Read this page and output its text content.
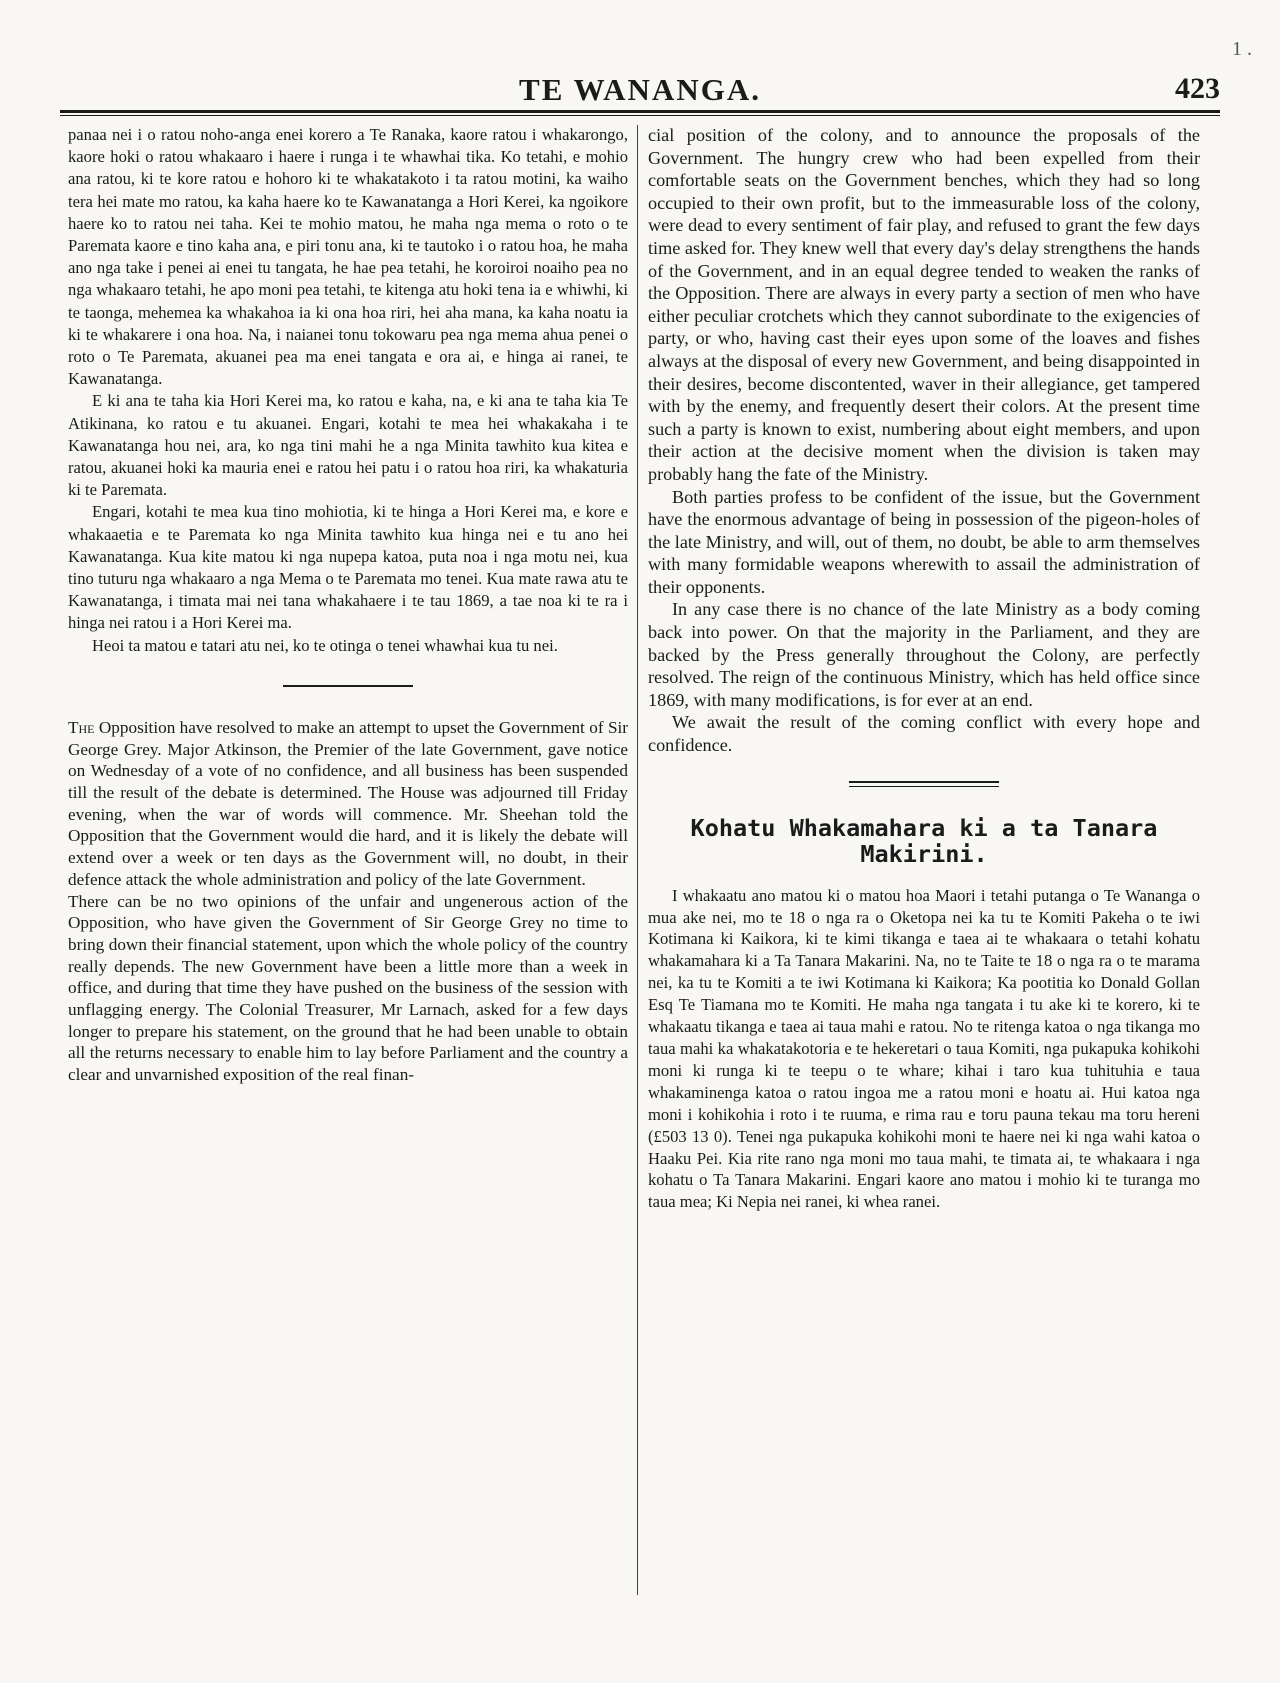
TE WANANGA.	423
1 .

panaa nei i o ratou noho-anga enei korero a Te Ranaka, kaore ratou i whakarongo, kaore hoki o ratou whakaaro i haere i runga i te whawhai tika. Ko tetahi, e mohio ana ratou, ki te kore ratou e hohoro ki te whakatakoto i ta ratou motini, ka waiho tera hei mate mo ratou, ka kaha haere ko te Kawanatanga a Hori Kerei, ka ngoikore haere ko to ratou nei taha. Kei te mohio matou, he maha nga mema o roto o te Paremata kaore e tino kaha ana, e piri tonu ana, ki te tautoko i o ratou hoa, he maha ano nga take i penei ai enei tu tangata, he hae pea tetahi, he koroiroi noaiho pea no nga whakaaro tetahi, he apo moni pea tetahi, te kitenga atu hoki tena ia e whiwhi, ki te taonga, mehemea ka whakahoa ia ki ona hoa riri, hei aha mana, ka kaha noatu ia ki te whakarere i ona hoa. Na, i naianei tonu tokowaru pea nga mema ahua penei o roto o Te Paremata, akuanei pea ma enei tangata e ora ai, e hinga ai ranei, te Kawanatanga.

E ki ana te taha kia Hori Kerei ma, ko ratou e kaha, na, e ki ana te taha kia Te Atikinana, ko ratou e tu akuanei. Engari, kotahi te mea hei whakakaha i te Kawanatanga hou nei, ara, ko nga tini mahi he a nga Minita tawhito kua kitea e ratou, akuanei hoki ka mauria enei e ratou hei patu i o ratou hoa riri, ka whakaturia ki te Paremata.

Engari, kotahi te mea kua tino mohiotia, ki te hinga a Hori Kerei ma, e kore e whakaaetia e te Paremata ko nga Minita tawhito kua hinga nei e tu ano hei Kawanatanga. Kua kite matou ki nga nupepa katoa, puta noa i nga motu nei, kua tino tuturu nga whakaaro a nga Mema o te Paremata mo tenei. Kua mate rawa atu te Kawanatanga, i timata mai nei tana whakahaere i te tau 1869, a tae noa ki te ra i hinga nei ratou i a Hori Kerei ma.

Heoi ta matou e tatari atu nei, ko te otinga o tenei whawhai kua tu nei.

The Opposition have resolved to make an attempt to upset the Government of Sir George Grey. Major Atkinson, the Premier of the late Government, gave notice on Wednesday of a vote of no confidence, and all business has been suspended till the result of the debate is determined. The House was adjourned till Friday evening, when the war of words will commence. Mr. Sheehan told the Opposition that the Government would die hard, and it is likely the debate will extend over a week or ten days as the Government will, no doubt, in their defence attack the whole administration and policy of the late Government.

There can be no two opinions of the unfair and ungenerous action of the Opposition, who have given the Government of Sir George Grey no time to bring down their financial statement, upon which the whole policy of the country really depends. The new Government have been a little more than a week in office, and during that time they have pushed on the business of the session with unflagging energy. The Colonial Treasurer, Mr Larnach, asked for a few days longer to prepare his statement, on the ground that he had been unable to obtain all the returns necessary to enable him to lay before Parliament and the country a clear and unvarnished exposition of the real finan-

cial position of the colony, and to announce the proposals of the Government. The hungry crew who had been expelled from their comfortable seats on the Government benches, which they had so long occupied to their own profit, but to the immeasurable loss of the colony, were dead to every sentiment of fair play, and refused to grant the few days time asked for. They knew well that every day's delay strengthens the hands of the Government, and in an equal degree tended to weaken the ranks of the Opposition. There are always in every party a section of men who have either peculiar crotchets which they cannot subordinate to the exigencies of party, or who, having cast their eyes upon some of the loaves and fishes always at the disposal of every new Government, and being disappointed in their desires, become discontented, waver in their allegiance, get tampered with by the enemy, and frequently desert their colors. At the present time such a party is known to exist, numbering about eight members, and upon their action at the decisive moment when the division is taken may probably hang the fate of the Ministry.

Both parties profess to be confident of the issue, but the Government have the enormous advantage of being in possession of the pigeon-holes of the late Ministry, and will, out of them, no doubt, be able to arm themselves with many formidable weapons wherewith to assail the administration of their opponents.

In any case there is no chance of the late Ministry as a body coming back into power. On that the majority in the Parliament, and they are backed by the Press generally throughout the Colony, are perfectly resolved. The reign of the continuous Ministry, which has held office since 1869, with many modifications, is for ever at an end.

We await the result of the coming conflict with every hope and confidence.

Kohatu Whakamahara ki a ta Tanara Makirini.

I whakaatu ano matou ki o matou hoa Maori i tetahi putanga o Te Wananga o mua ake nei, mo te 18 o nga ra o Oketopa nei ka tu te Komiti Pakeha o te iwi Kotimana ki Kaikora, ki te kimi tikanga e taea ai te whakaara o tetahi kohatu whakamahara ki a Ta Tanara Makarini. Na, no te Taite te 18 o nga ra o te marama nei, ka tu te Komiti a te iwi Kotimana ki Kaikora; Ka pootitia ko Donald Gollan Esq Te Tiamana mo te Komiti. He maha nga tangata i tu ake ki te korero, ki te whakaatu tikanga e taea ai taua mahi e ratou. No te ritenga katoa o nga tikanga mo taua mahi ka whakatakotoria e te hekeretari o taua Komiti, nga pukapuka kohikohi moni ki runga ki te teepu o te whare; kihai i taro kua tuhituhia e taua whakaminenga katoa o ratou ingoa me a ratou moni e hoatu ai. Hui katoa nga moni i kohikohia i roto i te ruuma, e rima rau e toru pauna tekau ma toru hereni (£503 13 0). Tenei nga pukapuka kohikohi moni te haere nei ki nga wahi katoa o Haaku Pei. Kia rite rano nga moni mo taua mahi, te timata ai, te whakaara i nga kohatu o Ta Tanara Makarini. Engari kaore ano matou i mohio ki te turanga mo taua mea; Ki Nepia nei ranei, ki whea ranei.
